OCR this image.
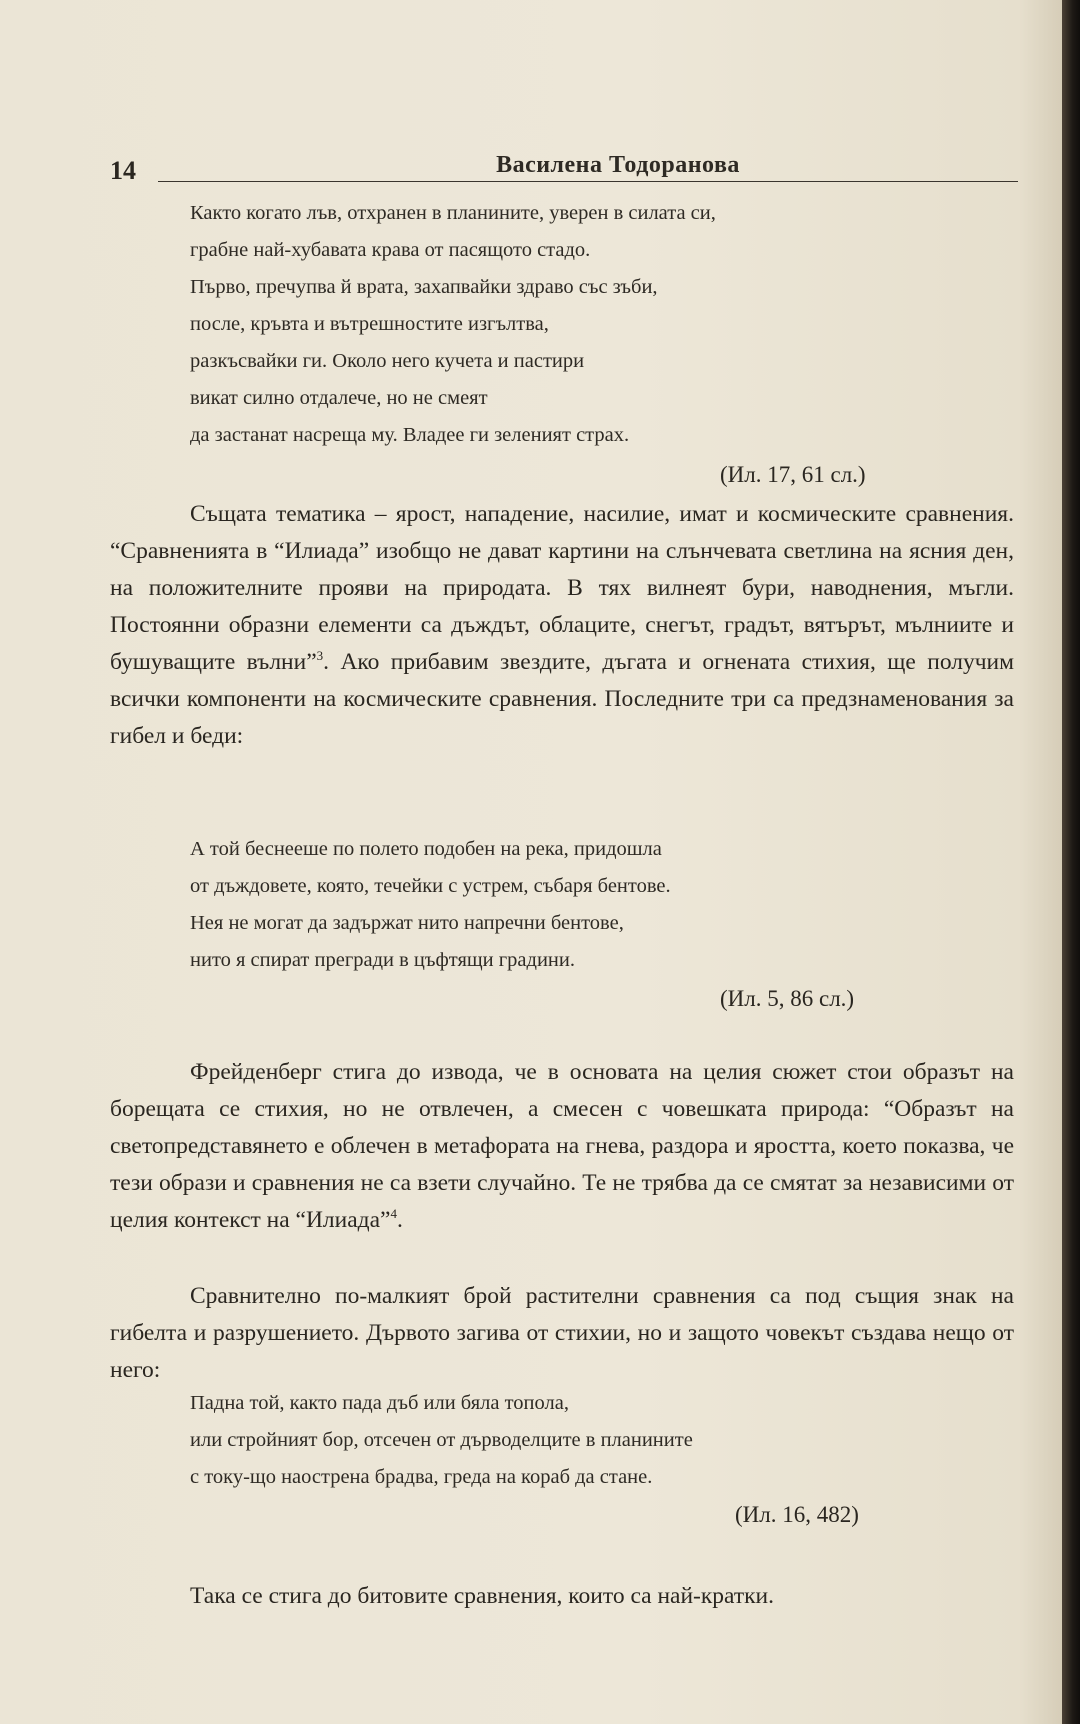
14	Василена Тодоранова
Както когато лъв, отхранен в планините, уверен в силата си,
грабне най-хубавата крава от пасящото стадо.
Първо, пречупва й врата, захапвайки здраво със зъби,
после, кръвта и вътрешностите изгълтва,
разкъсвайки ги. Около него кучета и пастири
викат силно отдалече, но не смеят
да застанат насреща му. Владее ги зеленият страх.
(Ил. 17, 61 сл.)

Същата тематика – ярост, нападение, насилие, имат и космическите сравнения. “Сравненията в “Илиада” изобщо не дават картини на слънчевата светлина на ясния ден, на положителните прояви на природата. В тях вилнеят бури, наводнения, мъгли. Постоянни образни елементи са дъждът, облаците, снегът, градът, вятърът, мълниите и бушуващите вълни”$^3$. Ако прибавим звездите, дъгата и огнената стихия, ще получим всички компоненти на космическите сравнения. Последните три са предзнаменования за гибел и беди:

А той беснееше по полето подобен на река, придошла
от дъждовете, която, течейки с устрем, събаря бентове.
Нея не могат да задържат нито напречни бентове,
нито я спират прегради в цъфтящи градини.
(Ил. 5, 86 сл.)

Фрейденберг стига до извода, че в основата на целия сюжет стои образът на борещата се стихия, но не отвлечен, а смесен с човешката природа: “Образът на светопредставянето е облечен в метафората на гнева, раздора и яростта, което показва, че тези образи и сравнения не са взети случайно. Те не трябва да се смятат за независими от целия контекст на “Илиада”$^4$.

Сравнително по-малкият брой растителни сравнения са под същия знак на гибелта и разрушението. Дървото загива от стихии, но и защото човекът създава нещо от него:

Падна той, както пада дъб или бяла топола,
или стройният бор, отсечен от дърводелците в планините
с току-що наострена брадва, греда на кораб да стане.
(Ил. 16, 482)

Така се стига до битовите сравнения, които са най-кратки.
